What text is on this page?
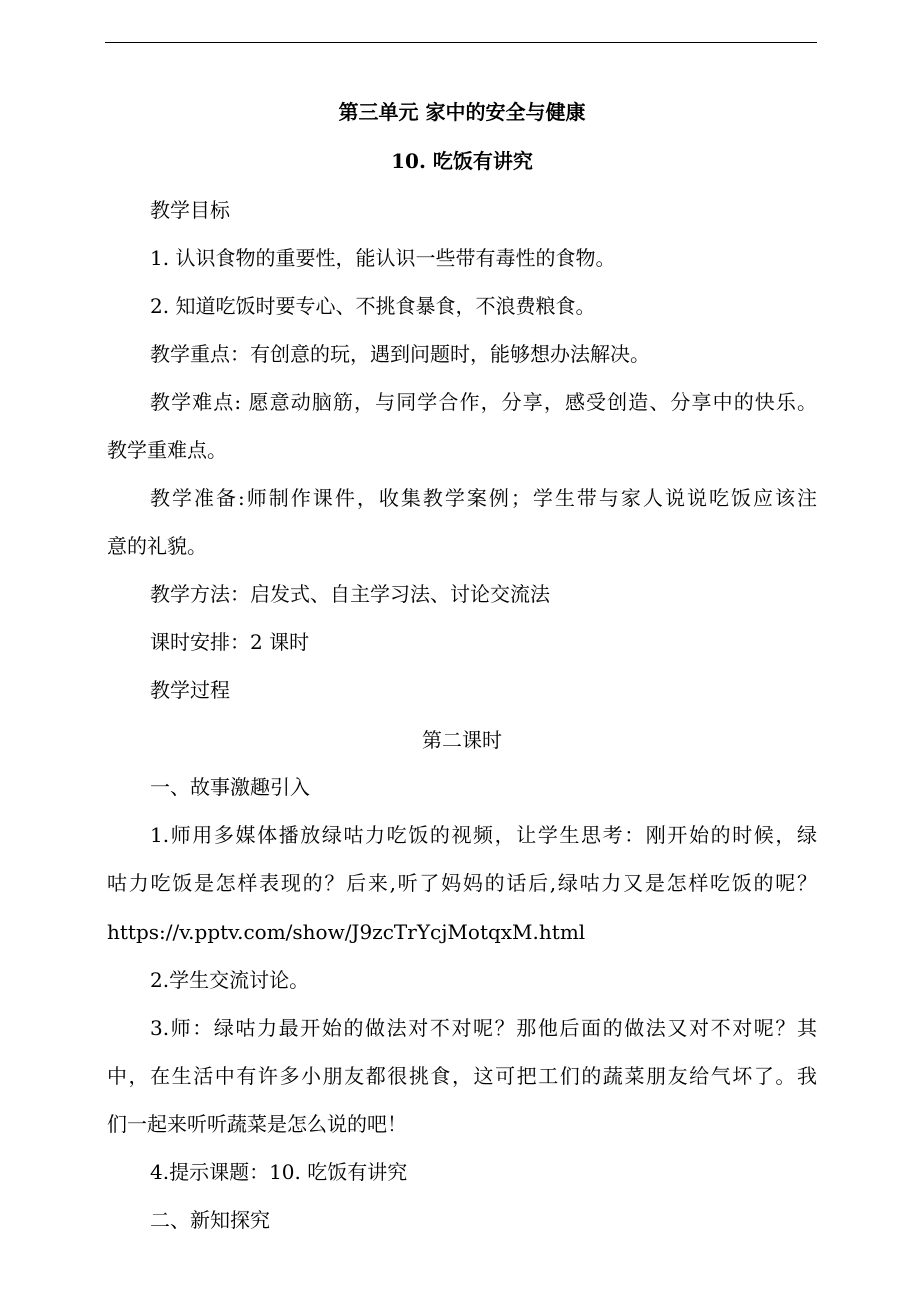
第三单元 家中的安全与健康
10. 吃饭有讲究
教学目标
1. 认识食物的重要性，能认识一些带有毒性的食物。
2. 知道吃饭时要专心、不挑食暴食，不浪费粮食。
教学重点：有创意的玩，遇到问题时，能够想办法解决。
教学难点: 愿意动脑筋，与同学合作，分享，感受创造、分享中的快乐。
教学重难点。
教学准备:师制作课件，收集教学案例；学生带与家人说说吃饭应该注
意的礼貌。
教学方法：启发式、自主学习法、讨论交流法
课时安排：2 课时
教学过程
第二课时
一、故事激趣引入
1.师用多媒体播放绿咕力吃饭的视频，让学生思考：刚开始的时候，绿
咕力吃饭是怎样表现的？后来,听了妈妈的话后,绿咕力又是怎样吃饭的呢？
https://v.pptv.com/show/J9zcTrYcjMotqxM.html
2.学生交流讨论。
3.师：绿咕力最开始的做法对不对呢？那他后面的做法又对不对呢？其
中，在生活中有许多小朋友都很挑食，这可把工们的蔬菜朋友给气坏了。我
们一起来听听蔬菜是怎么说的吧！
4.提示课题：10. 吃饭有讲究
二、新知探究
